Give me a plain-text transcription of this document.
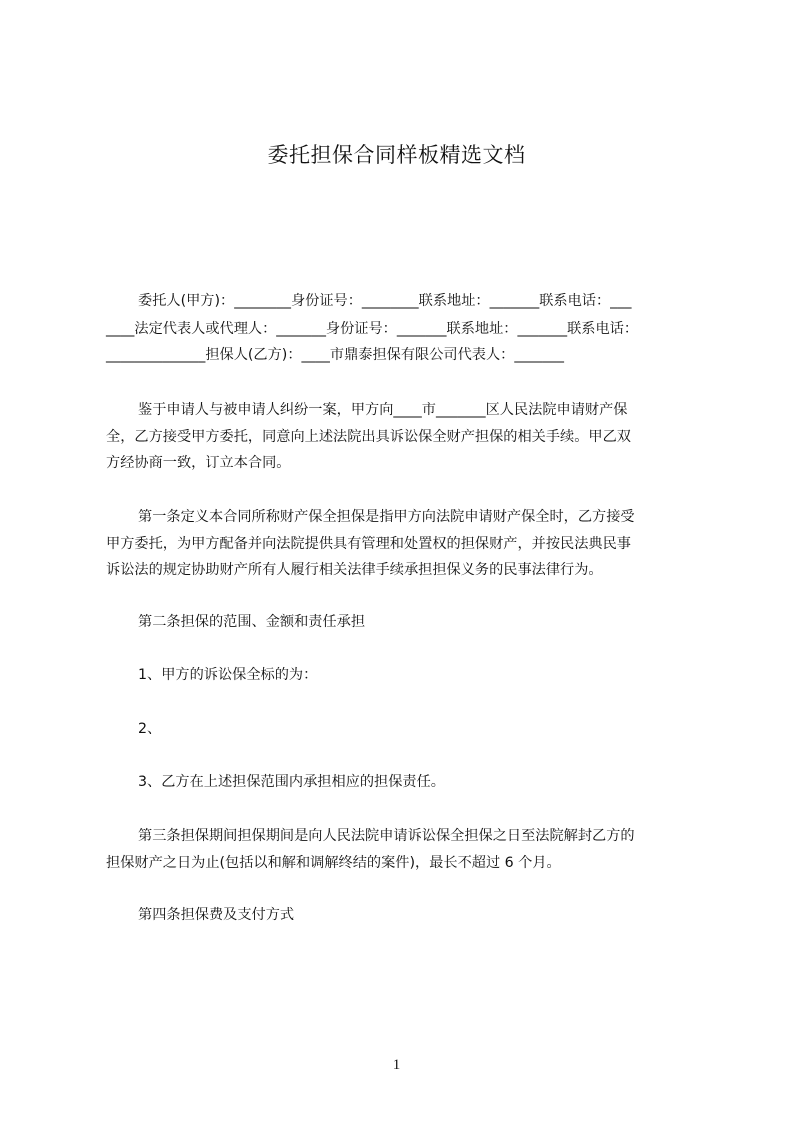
委托担保合同样板精选文档
委托人(甲方)：________身份证号：________联系地址：_______联系电话：___
____法定代表人或代理人：_______身份证号：_______联系地址：_______联系电话：
______________担保人(乙方)：____市鼎泰担保有限公司代表人：_______
鉴于申请人与被申请人纠纷一案，甲方向____市_______区人民法院申请财产保
全，乙方接受甲方委托，同意向上述法院出具诉讼保全财产担保的相关手续。甲乙双
方经协商一致，订立本合同。
第一条定义本合同所称财产保全担保是指甲方向法院申请财产保全时，乙方接受
甲方委托，为甲方配备并向法院提供具有管理和处置权的担保财产，并按民法典民事
诉讼法的规定协助财产所有人履行相关法律手续承担担保义务的民事法律行为。
第二条担保的范围、金额和责任承担
1、甲方的诉讼保全标的为：
2、
3、乙方在上述担保范围内承担相应的担保责任。
第三条担保期间担保期间是向人民法院申请诉讼保全担保之日至法院解封乙方的
担保财产之日为止(包括以和解和调解终结的案件)，最长不超过 6 个月。
第四条担保费及支付方式
1
